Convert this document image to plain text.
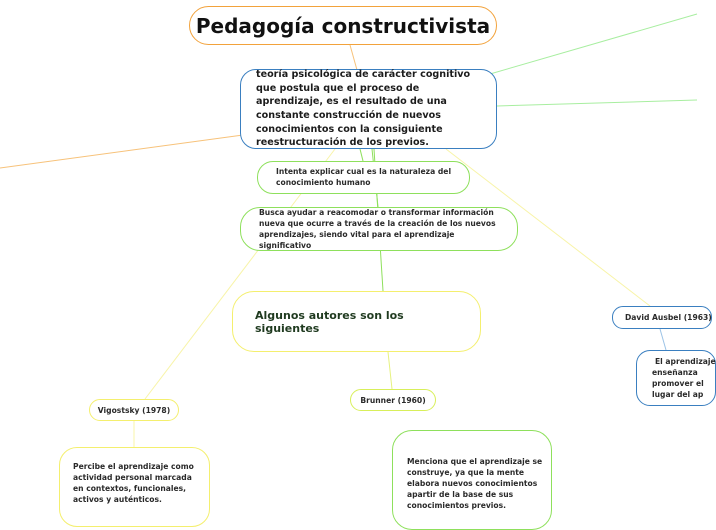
Pedagogía constructivista
teoría psicológica de carácter cognitivo que postula que el proceso de aprendizaje, es el resultado de una constante construcción de nuevos conocimientos con la consiguiente reestructuración de los previos.
Intenta explicar cual es la naturaleza del conocimiento humano
Busca ayudar a reacomodar o transformar información nueva que ocurre a través de la creación de los nuevos aprendizajes, siendo vital para el aprendizaje significativo
Algunos autores son los siguientes
Vigostsky (1978)
Brunner (1960)
Percibe el aprendizaje como actividad personal marcada en contextos, funcionales, activos y auténticos.
Menciona que el aprendizaje se construye, ya que la mente elabora nuevos conocimientos apartir de la base de sus conocimientos previos.
David Ausbel (1963)
El aprendizaje
enseñanza
promover el
lugar del ap
